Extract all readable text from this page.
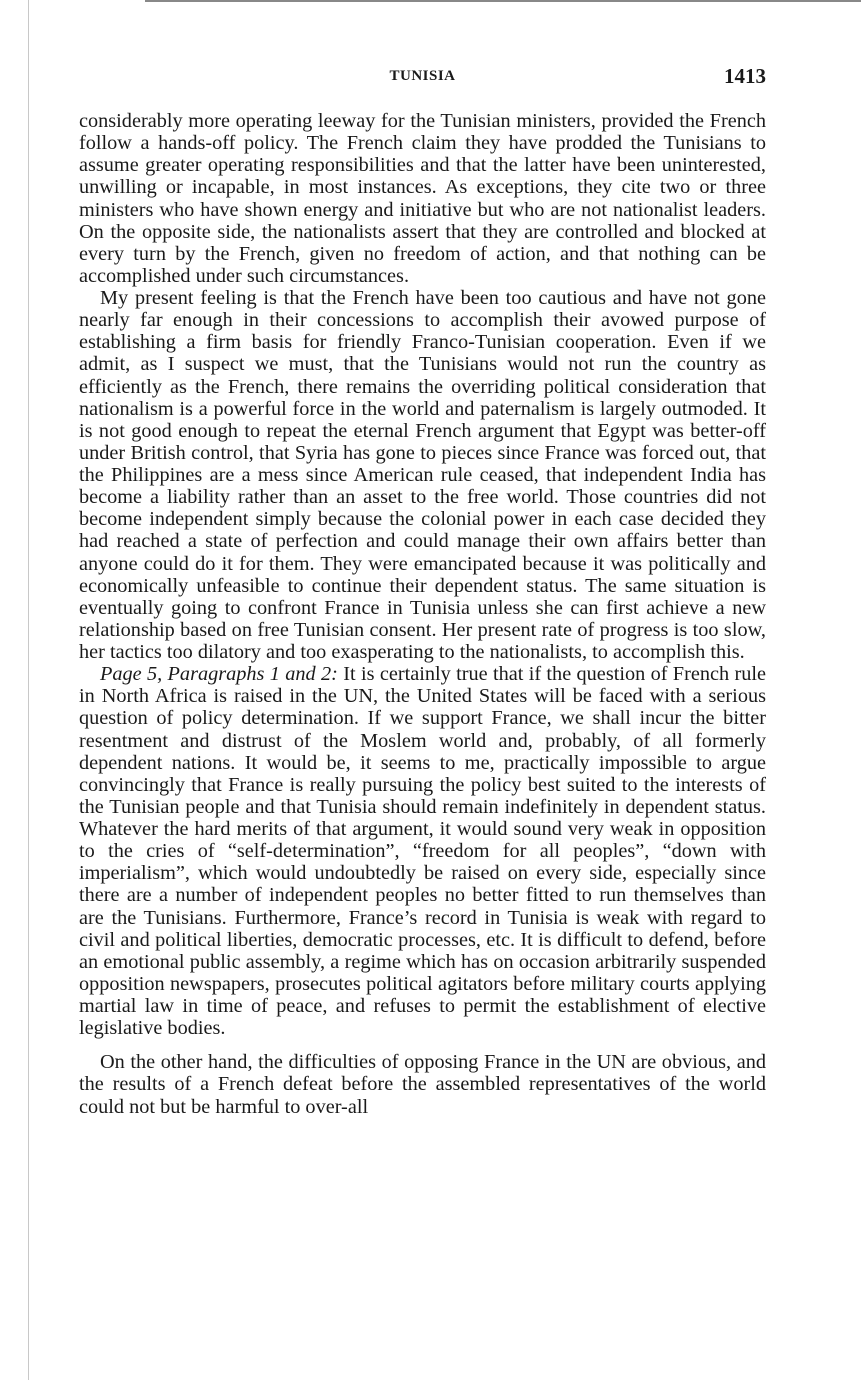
TUNISIA	1413

considerably more operating leeway for the Tunisian ministers, provided the French follow a hands-off policy. The French claim they have prodded the Tunisians to assume greater operating responsibilities and that the latter have been uninterested, unwilling or incapable, in most instances. As exceptions, they cite two or three ministers who have shown energy and initiative but who are not nationalist leaders. On the opposite side, the nationalists assert that they are controlled and blocked at every turn by the French, given no freedom of action, and that nothing can be accomplished under such circumstances.

My present feeling is that the French have been too cautious and have not gone nearly far enough in their concessions to accomplish their avowed purpose of establishing a firm basis for friendly Franco-Tunisian cooperation. Even if we admit, as I suspect we must, that the Tunisians would not run the country as efficiently as the French, there remains the overriding political consideration that nationalism is a powerful force in the world and paternalism is largely outmoded. It is not good enough to repeat the eternal French argument that Egypt was better-off under British control, that Syria has gone to pieces since France was forced out, that the Philippines are a mess since American rule ceased, that independent India has become a liability rather than an asset to the free world. Those countries did not become independent simply because the colonial power in each case decided they had reached a state of perfection and could manage their own affairs better than anyone could do it for them. They were emancipated because it was politically and economically unfeasible to continue their dependent status. The same situation is eventually going to confront France in Tunisia unless she can first achieve a new relationship based on free Tunisian consent. Her present rate of progress is too slow, her tactics too dilatory and too exasperating to the nationalists, to accomplish this.

Page 5, Paragraphs 1 and 2: It is certainly true that if the question of French rule in North Africa is raised in the UN, the United States will be faced with a serious question of policy determination. If we support France, we shall incur the bitter resentment and distrust of the Moslem world and, probably, of all formerly dependent nations. It would be, it seems to me, practically impossible to argue convincingly that France is really pursuing the policy best suited to the interests of the Tunisian people and that Tunisia should remain indefinitely in dependent status. Whatever the hard merits of that argument, it would sound very weak in opposition to the cries of “self-determination”, “freedom for all peoples”, “down with imperialism”, which would undoubtedly be raised on every side, especially since there are a number of independent peoples no better fitted to run themselves than are the Tunisians. Furthermore, France’s record in Tunisia is weak with regard to civil and political liberties, democratic processes, etc. It is difficult to defend, before an emotional public assembly, a regime which has on occasion arbitrarily suspended opposition newspapers, prosecutes political agitators before military courts applying martial law in time of peace, and refuses to permit the establishment of elective legislative bodies.

On the other hand, the difficulties of opposing France in the UN are obvious, and the results of a French defeat before the assembled representatives of the world could not but be harmful to over-all
